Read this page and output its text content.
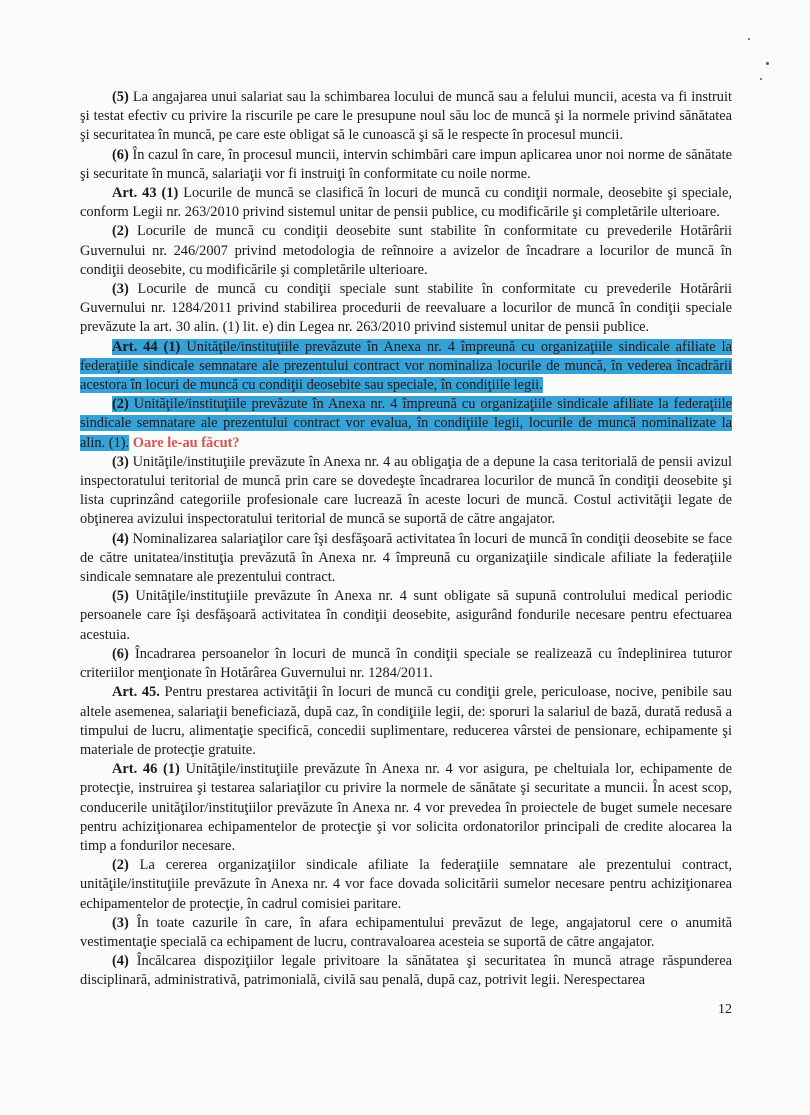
(5) La angajarea unui salariat sau la schimbarea locului de muncă sau a felului muncii, acesta va fi instruit şi testat efectiv cu privire la riscurile pe care le presupune noul său loc de muncă şi la normele privind sănătatea şi securitatea în muncă, pe care este obligat să le cunoască şi să le respecte în procesul muncii.

(6) În cazul în care, în procesul muncii, intervin schimbări care impun aplicarea unor noi norme de sănătate şi securitate în muncă, salariaţii vor fi instruiţi în conformitate cu noile norme.

Art. 43 (1) Locurile de muncă se clasifică în locuri de muncă cu condiţii normale, deosebite şi speciale, conform Legii nr. 263/2010 privind sistemul unitar de pensii publice, cu modificările şi completările ulterioare.

(2) Locurile de muncă cu condiţii deosebite sunt stabilite în conformitate cu prevederile Hotărârii Guvernului nr. 246/2007 privind metodologia de reînnoire a avizelor de încadrare a locurilor de muncă în condiţii deosebite, cu modificările şi completările ulterioare.

(3) Locurile de muncă cu condiţii speciale sunt stabilite în conformitate cu prevederile Hotărârii Guvernului nr. 1284/2011 privind stabilirea procedurii de reevaluare a locurilor de muncă în condiţii speciale prevăzute la art. 30 alin. (1) lit. e) din Legea nr. 263/2010 privind sistemul unitar de pensii publice.

Art. 44 (1) Unităţile/instituţiile prevăzute în Anexa nr. 4 împreună cu organizaţiile sindicale afiliate la federaţiile sindicale semnatare ale prezentului contract vor nominaliza locurile de muncă, în vederea încadrării acestora în locuri de muncă cu condiţii deosebite sau speciale, în condiţiile legii.

(2) Unităţile/instituţiile prevăzute în Anexa nr. 4 împreună cu organizaţiile sindicale afiliate la federaţiile sindicale semnatare ale prezentului contract vor evalua, în condiţiile legii, locurile de muncă nominalizate la alin. (1). Oare le-au făcut?

(3) Unităţile/instituţiile prevăzute în Anexa nr. 4 au obligaţia de a depune la casa teritorială de pensii avizul inspectoratului teritorial de muncă prin care se dovedeşte încadrarea locurilor de muncă în condiţii deosebite şi lista cuprinzând categoriile profesionale care lucrează în aceste locuri de muncă. Costul activităţii legate de obţinerea avizului inspectoratului teritorial de muncă se suportă de către angajator.

(4) Nominalizarea salariaţilor care îşi desfăşoară activitatea în locuri de muncă în condiţii deosebite se face de către unitatea/instituţia prevăzută în Anexa nr. 4 împreună cu organizaţiile sindicale afiliate la federaţiile sindicale semnatare ale prezentului contract.

(5) Unităţile/instituţiile prevăzute în Anexa nr. 4 sunt obligate să supună controlului medical periodic persoanele care îşi desfăşoară activitatea în condiţii deosebite, asigurând fondurile necesare pentru efectuarea acestuia.

(6) Încadrarea persoanelor în locuri de muncă în condiţii speciale se realizează cu îndeplinirea tuturor criteriilor menţionate în Hotărârea Guvernului nr. 1284/2011.

Art. 45. Pentru prestarea activităţii în locuri de muncă cu condiţii grele, periculoase, nocive, penibile sau altele asemenea, salariaţii beneficiază, după caz, în condiţiile legii, de: sporuri la salariul de bază, durată redusă a timpului de lucru, alimentaţie specifică, concedii suplimentare, reducerea vârstei de pensionare, echipamente şi materiale de protecţie gratuite.

Art. 46 (1) Unităţile/instituţiile prevăzute în Anexa nr. 4 vor asigura, pe cheltuiala lor, echipamente de protecţie, instruirea şi testarea salariaţilor cu privire la normele de sănătate şi securitate a muncii. În acest scop, conducerile unităţilor/instituţiilor prevăzute în Anexa nr. 4 vor prevedea în proiectele de buget sumele necesare pentru achiziţionarea echipamentelor de protecţie şi vor solicita ordonatorilor principali de credite alocarea la timp a fondurilor necesare.

(2) La cererea organizaţiilor sindicale afiliate la federaţiile semnatare ale prezentului contract, unităţile/instituţiile prevăzute în Anexa nr. 4 vor face dovada solicitării sumelor necesare pentru achiziţionarea echipamentelor de protecţie, în cadrul comisiei paritare.

(3) În toate cazurile în care, în afara echipamentului prevăzut de lege, angajatorul cere o anumită vestimentaţie specială ca echipament de lucru, contravaloarea acesteia se suportă de către angajator.

(4) Încălcarea dispoziţiilor legale privitoare la sănătatea şi securitatea în muncă atrage răspunderea disciplinară, administrativă, patrimonială, civilă sau penală, după caz, potrivit legii. Nerespectarea

12
